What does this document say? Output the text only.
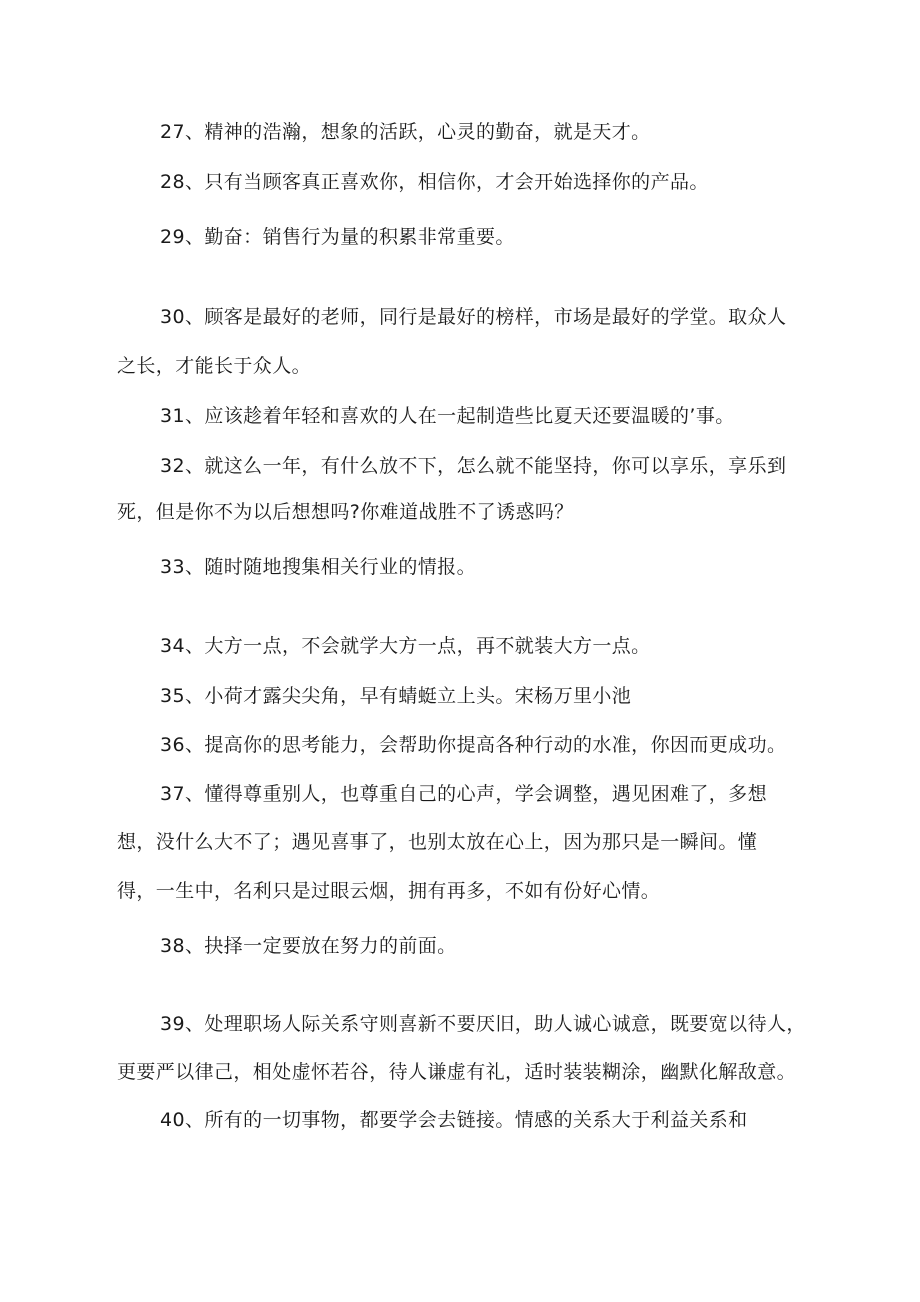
27、精神的浩瀚，想象的活跃，心灵的勤奋，就是天才。

28、只有当顾客真正喜欢你，相信你，才会开始选择你的产品。

29、勤奋：销售行为量的积累非常重要。

30、顾客是最好的老师，同行是最好的榜样，市场是最好的学堂。取众人

之长，才能长于众人。

31、应该趁着年轻和喜欢的人在一起制造些比夏天还要温暖的’事。

32、就这么一年，有什么放不下，怎么就不能坚持，你可以享乐，享乐到

死，但是你不为以后想想吗?你难道战胜不了诱惑吗？

33、随时随地搜集相关行业的情报。

34、大方一点，不会就学大方一点，再不就装大方一点。

35、小荷才露尖尖角，早有蜻蜓立上头。宋杨万里小池

36、提高你的思考能力，会帮助你提高各种行动的水准，你因而更成功。

37、懂得尊重别人，也尊重自己的心声，学会调整，遇见困难了，多想

想，没什么大不了；遇见喜事了，也别太放在心上，因为那只是一瞬间。懂

得，一生中，名利只是过眼云烟，拥有再多，不如有份好心情。

38、抉择一定要放在努力的前面。

39、处理职场人际关系守则喜新不要厌旧，助人诚心诚意，既要宽以待人，

更要严以律己，相处虚怀若谷，待人谦虚有礼，适时装装糊涂，幽默化解敌意。

40、所有的一切事物，都要学会去链接。情感的关系大于利益关系和
